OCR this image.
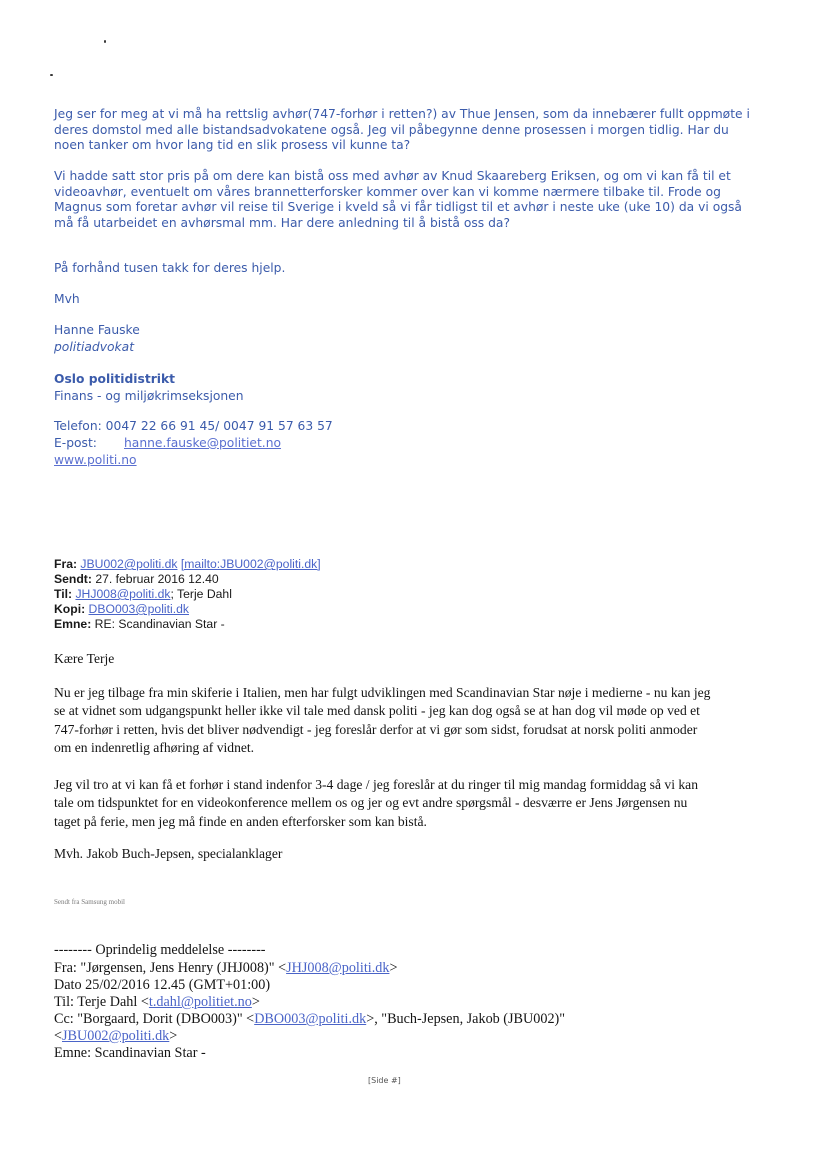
Jeg ser for meg at vi må ha rettslig avhør(747-forhør i retten?) av Thue Jensen, som da innebærer fullt oppmøte i deres domstol med alle bistandsadvokatene også. Jeg vil påbegynne denne prosessen i morgen tidlig. Har du noen tanker om hvor lang tid en slik prosess vil kunne ta?

Vi hadde satt stor pris på om dere kan bistå oss med avhør av Knud Skaareberg Eriksen, og om vi kan få til et videoavhør, eventuelt om våres brannetterforsker kommer over kan vi komme nærmere tilbake til. Frode og Magnus som foretar avhør vil reise til Sverige i kveld så vi får tidligst til et avhør i neste uke (uke 10) da vi også må få utarbeidet en avhørsmal mm. Har dere anledning til å bistå oss da?

På forhånd tusen takk for deres hjelp.

Mvh
Hanne Fauske
politiadvokat
Oslo politidistrikt
Finans - og miljøkrimseksjonen
Telefon: 0047 22 66 91 45/ 0047 91 57 63 57
E-post: hanne.fauske@politiet.no
www.politi.no
Fra: JBU002@politi.dk [mailto:JBU002@politi.dk]
Sendt: 27. februar 2016 12.40
Til: JHJ008@politi.dk; Terje Dahl
Kopi: DBO003@politi.dk
Emne: RE: Scandinavian Star -
Kære Terje

Nu er jeg tilbage fra min skiferie i Italien, men har fulgt udviklingen med Scandinavian Star nøje i medierne - nu kan jeg se at vidnet som udgangspunkt heller ikke vil tale med dansk politi - jeg kan dog også se at han dog vil møde op ved et 747-forhør i retten, hvis det bliver nødvendigt - jeg foreslår derfor at vi gør som sidst, forudsat at norsk politi anmoder om en indenretlig afhøring af vidnet.

Jeg vil tro at vi kan få et forhør i stand indenfor 3-4 dage / jeg foreslår at du ringer til mig mandag formiddag så vi kan tale om tidspunktet for en videokonference mellem os og jer og evt andre spørgsmål - desværre er Jens Jørgensen nu taget på ferie, men jeg må finde en anden efterforsker som kan bistå.

Mvh. Jakob Buch-Jepsen, specialanklager
Sendt fra Samsung mobil
-------- Oprindelig meddelelse --------
Fra: "Jørgensen, Jens Henry (JHJ008)" <JHJ008@politi.dk>
Dato 25/02/2016 12.45 (GMT+01:00)
Til: Terje Dahl <t.dahl@politiet.no>
Cc: "Borgaard, Dorit (DBO003)" <DBO003@politi.dk>, "Buch-Jepsen, Jakob (JBU002)"
<JBU002@politi.dk>
Emne: Scandinavian Star -
[Side #]
